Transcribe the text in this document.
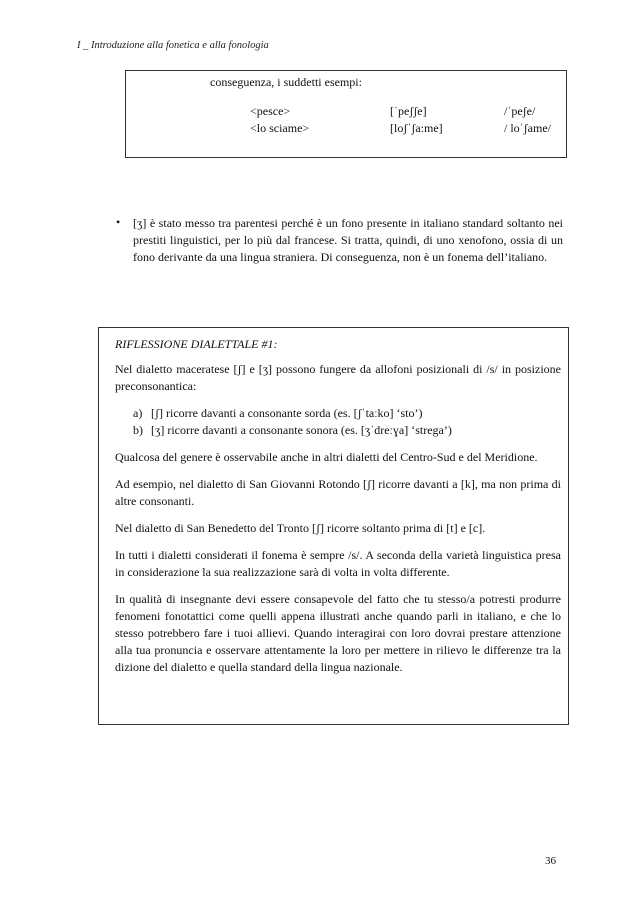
I _ Introduzione alla fonetica e alla fonologia
conseguenza, i suddetti esempi:
<pesce>	[ˈpeʃʃe]	/ˈpeʃe/
<lo sciame>	[loʃˈʃa:me]	/ loˈʃame/
• [ʒ] è stato messo tra parentesi perché è un fono presente in italiano standard soltanto nei prestiti linguistici, per lo più dal francese. Si tratta, quindi, di uno xenofono, ossia di un fono derivante da una lingua straniera. Di conseguenza, non è un fonema dell’italiano.

RIFLESSIONE DIALETTALE #1:

Nel dialetto maceratese [ʃ] e [ʒ] possono fungere da allofoni posizionali di /s/ in posizione preconsonantica:

a) [ʃ] ricorre davanti a consonante sorda (es. [ʃˈtaːko] ‘sto’)
b) [ʒ] ricorre davanti a consonante sonora (es. [ʒˈdreːɣa] ‘strega’)

Qualcosa del genere è osservabile anche in altri dialetti del Centro-Sud e del Meridione.

Ad esempio, nel dialetto di San Giovanni Rotondo [ʃ] ricorre davanti a [k], ma non prima di altre consonanti.

Nel dialetto di San Benedetto del Tronto [ʃ] ricorre soltanto prima di [t] e [c].

In tutti i dialetti considerati il fonema è sempre /s/. A seconda della varietà linguistica presa in considerazione la sua realizzazione sarà di volta in volta differente.

In qualità di insegnante devi essere consapevole del fatto che tu stesso/a potresti produrre fenomeni fonotattici come quelli appena illustrati anche quando parli in italiano, e che lo stesso potrebbero fare i tuoi allievi. Quando interagirai con loro dovrai prestare attenzione alla tua pronuncia e osservare attentamente la loro per mettere in rilievo le differenze tra la dizione del dialetto e quella standard della lingua nazionale.

36
